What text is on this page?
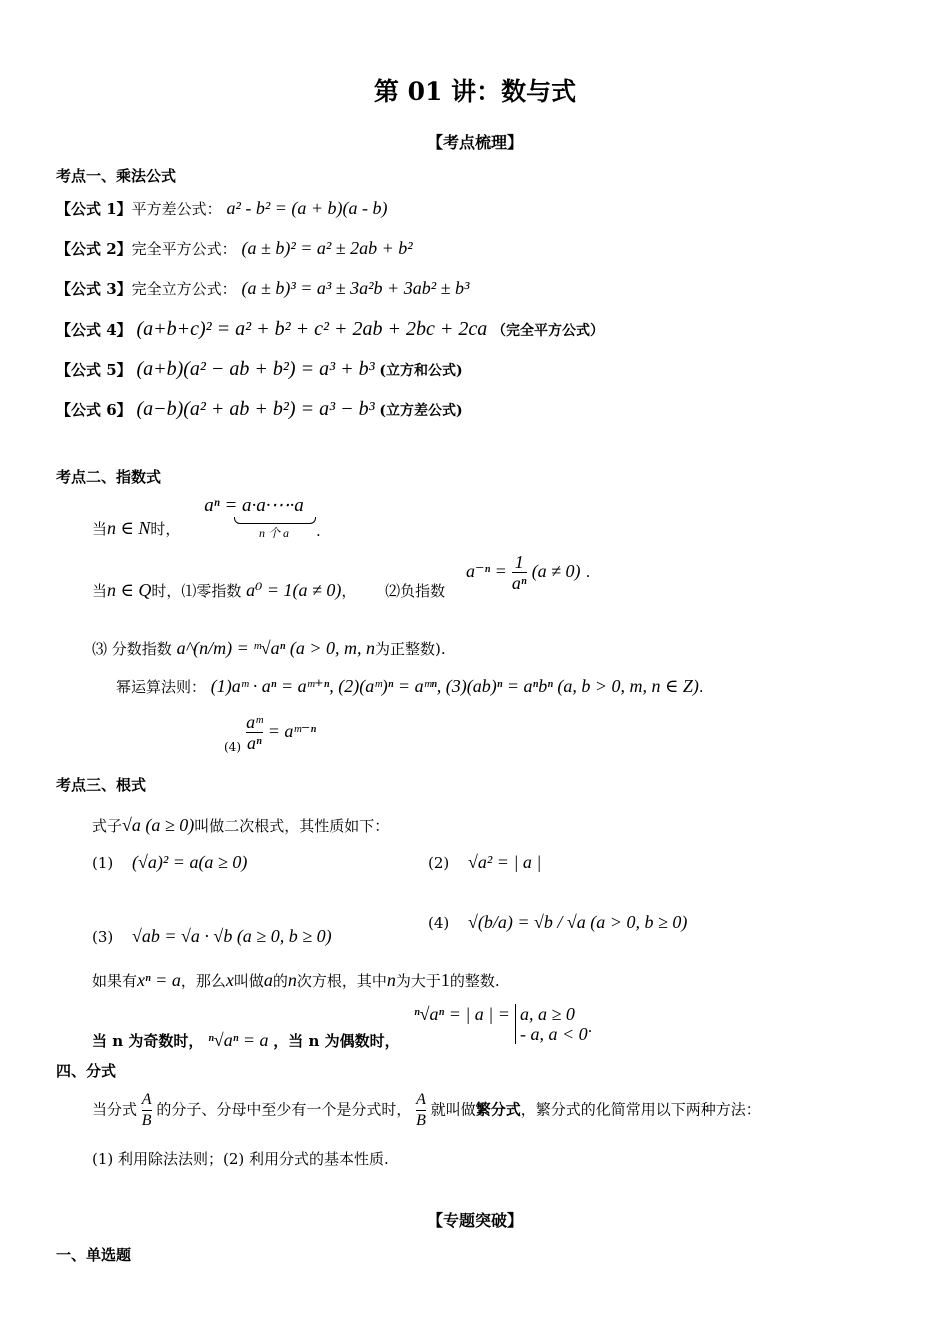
第 01 讲：数与式
【考点梳理】
考点一、乘法公式
【公式 1】平方差公式： a² - b² = (a + b)(a - b)
【公式 2】完全平方公式： (a ± b)² = a² ± 2ab + b²
【公式 3】完全立方公式： (a ± b)³ = a³ ± 3a²b + 3ab² ± b³
【公式 4】 (a+b+c)² = a² + b² + c² + 2ab + 2bc + 2ca （完全平方公式）
【公式 5】 (a+b)(a² − ab + b²) = a³ + b³ (立方和公式)
【公式 6】 (a−b)(a² + ab + b²) = a³ − b³ (立方差公式)
考点二、指数式
当n ∈ N时，
aⁿ = a·a·⋯·a
n 个 a	.
当n ∈ Q时，⑴零指数 a⁰ = 1(a ≠ 0)， ⑵负指数
$a^{-n} = \frac{1}{\text{aⁿ}} (a \ne 0)$ .
⑶ 分数指数 a^(n/m) = ᵐ√aⁿ (a > 0, m, n为正整数).
幂运算法则： (1)aᵐ · aⁿ = aᵐ⁺ⁿ, (2)(aᵐ)ⁿ = aᵐⁿ, (3)(ab)ⁿ = aⁿbⁿ (a, b > 0, m, n ∈ Z).
$_{(4)} \frac{\text{aᵐ}}{\text{aⁿ}}$ = aᵐ⁻ⁿ
考点三、根式
式子√a (a ≥ 0)叫做二次根式，其性质如下：
(1) (√a)² = a(a ≥ 0)	(2) √a² = | a |
(3) √ab = √a · √b (a ≥ 0, b ≥ 0)
(4) √(b/a) = √b / √a (a > 0, b ≥ 0)
如果有xⁿ = a，那么x叫做a的n次方根，其中n为大于1的整数.
当 n 为奇数时， ⁿ√aⁿ = a ，当 n 为偶数时，
ⁿ√aⁿ = | a | = a, a ≥ 0
- a, a < 0 .
四、分式
当分式 $\frac{A}{B}$ 的分子、分母中至少有一个是分式时， $\frac{A}{B}$ 就叫做繁分式，繁分式的化简常用以下两种方法：
(1) 利用除法法则；(2) 利用分式的基本性质.
【专题突破】
一、单选题
